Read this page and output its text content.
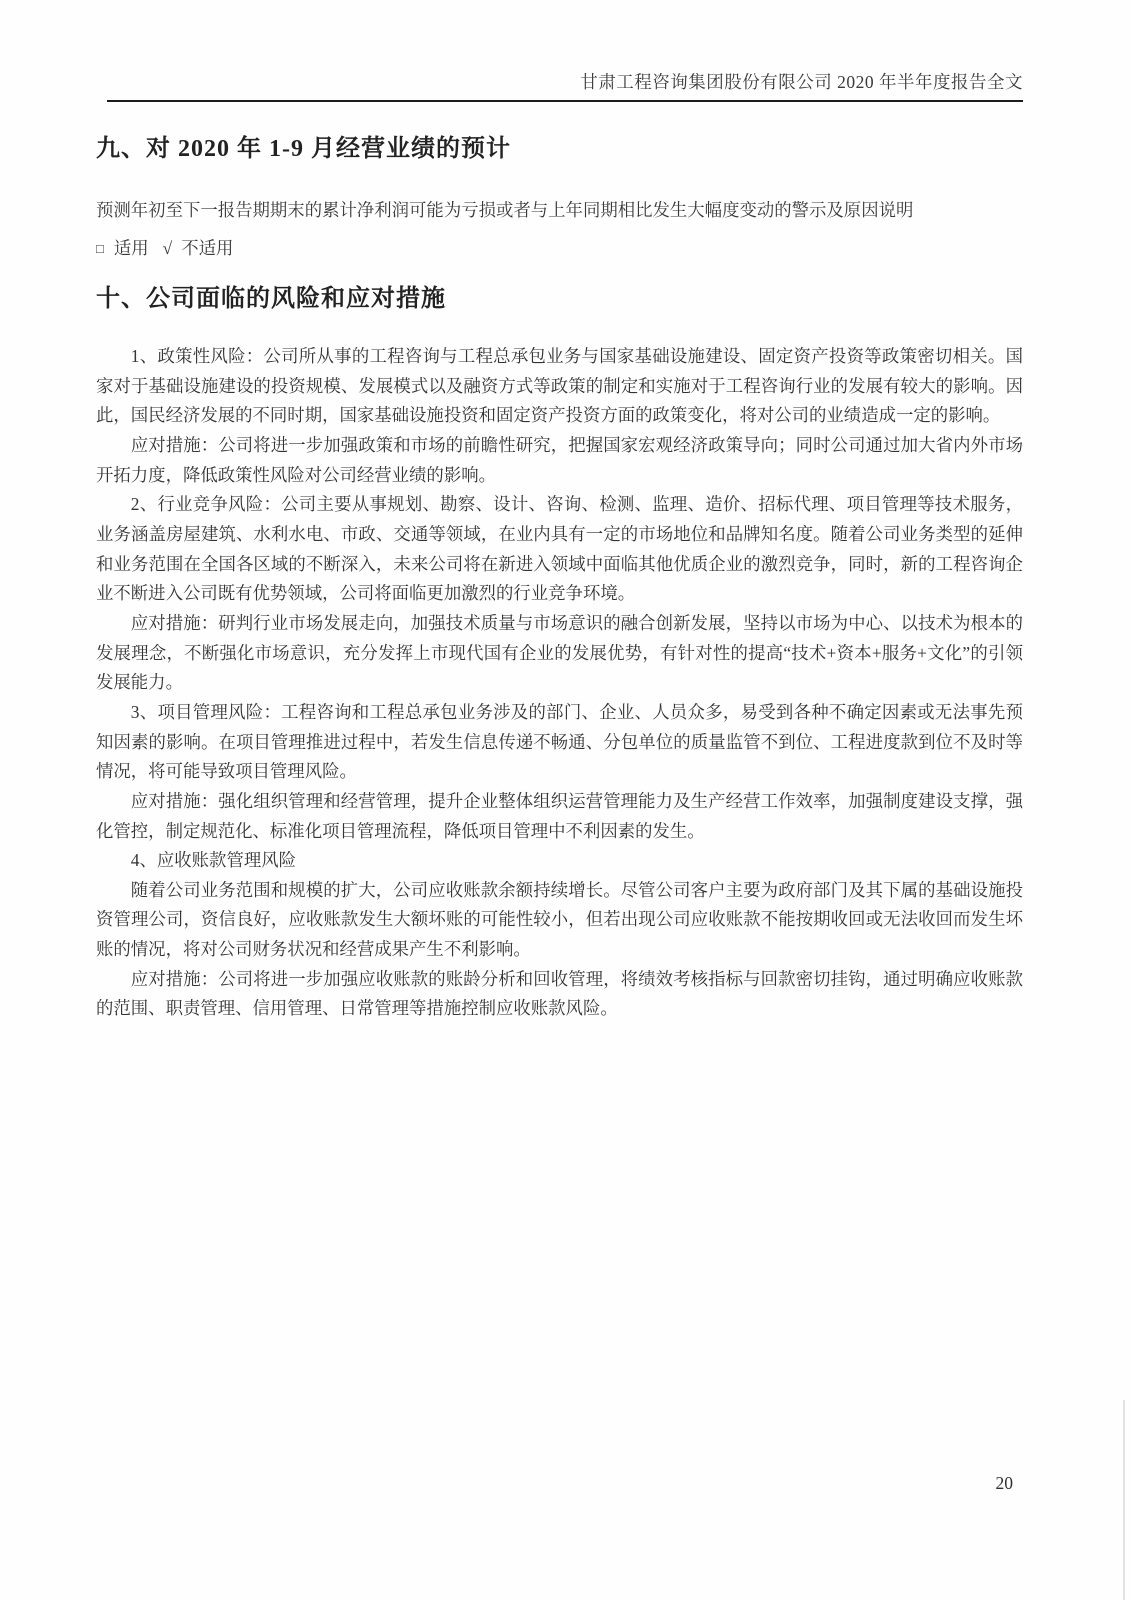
甘肃工程咨询集团股份有限公司 2020 年半年度报告全文
九、对 2020 年 1-9 月经营业绩的预计

预测年初至下一报告期期末的累计净利润可能为亏损或者与上年同期相比发生大幅度变动的警示及原因说明

□ 适用 √ 不适用

十、公司面临的风险和应对措施

1、政策性风险：公司所从事的工程咨询与工程总承包业务与国家基础设施建设、固定资产投资等政策密切相关。国家对于基础设施建设的投资规模、发展模式以及融资方式等政策的制定和实施对于工程咨询行业的发展有较大的影响。因此，国民经济发展的不同时期，国家基础设施投资和固定资产投资方面的政策变化，将对公司的业绩造成一定的影响。

应对措施：公司将进一步加强政策和市场的前瞻性研究，把握国家宏观经济政策导向；同时公司通过加大省内外市场开拓力度，降低政策性风险对公司经营业绩的影响。

2、行业竞争风险：公司主要从事规划、勘察、设计、咨询、检测、监理、造价、招标代理、项目管理等技术服务，业务涵盖房屋建筑、水利水电、市政、交通等领域，在业内具有一定的市场地位和品牌知名度。随着公司业务类型的延伸和业务范围在全国各区域的不断深入，未来公司将在新进入领域中面临其他优质企业的激烈竞争，同时，新的工程咨询企业不断进入公司既有优势领域，公司将面临更加激烈的行业竞争环境。

应对措施：研判行业市场发展走向，加强技术质量与市场意识的融合创新发展，坚持以市场为中心、以技术为根本的发展理念，不断强化市场意识，充分发挥上市现代国有企业的发展优势，有针对性的提高“技术+资本+服务+文化”的引领发展能力。

3、项目管理风险：工程咨询和工程总承包业务涉及的部门、企业、人员众多，易受到各种不确定因素或无法事先预知因素的影响。在项目管理推进过程中，若发生信息传递不畅通、分包单位的质量监管不到位、工程进度款到位不及时等情况，将可能导致项目管理风险。

应对措施：强化组织管理和经营管理，提升企业整体组织运营管理能力及生产经营工作效率，加强制度建设支撑，强化管控，制定规范化、标准化项目管理流程，降低项目管理中不利因素的发生。

4、应收账款管理风险

随着公司业务范围和规模的扩大，公司应收账款余额持续增长。尽管公司客户主要为政府部门及其下属的基础设施投资管理公司，资信良好，应收账款发生大额坏账的可能性较小，但若出现公司应收账款不能按期收回或无法收回而发生坏账的情况，将对公司财务状况和经营成果产生不利影响。

应对措施：公司将进一步加强应收账款的账龄分析和回收管理，将绩效考核指标与回款密切挂钩，通过明确应收账款的范围、职责管理、信用管理、日常管理等措施控制应收账款风险。

20
